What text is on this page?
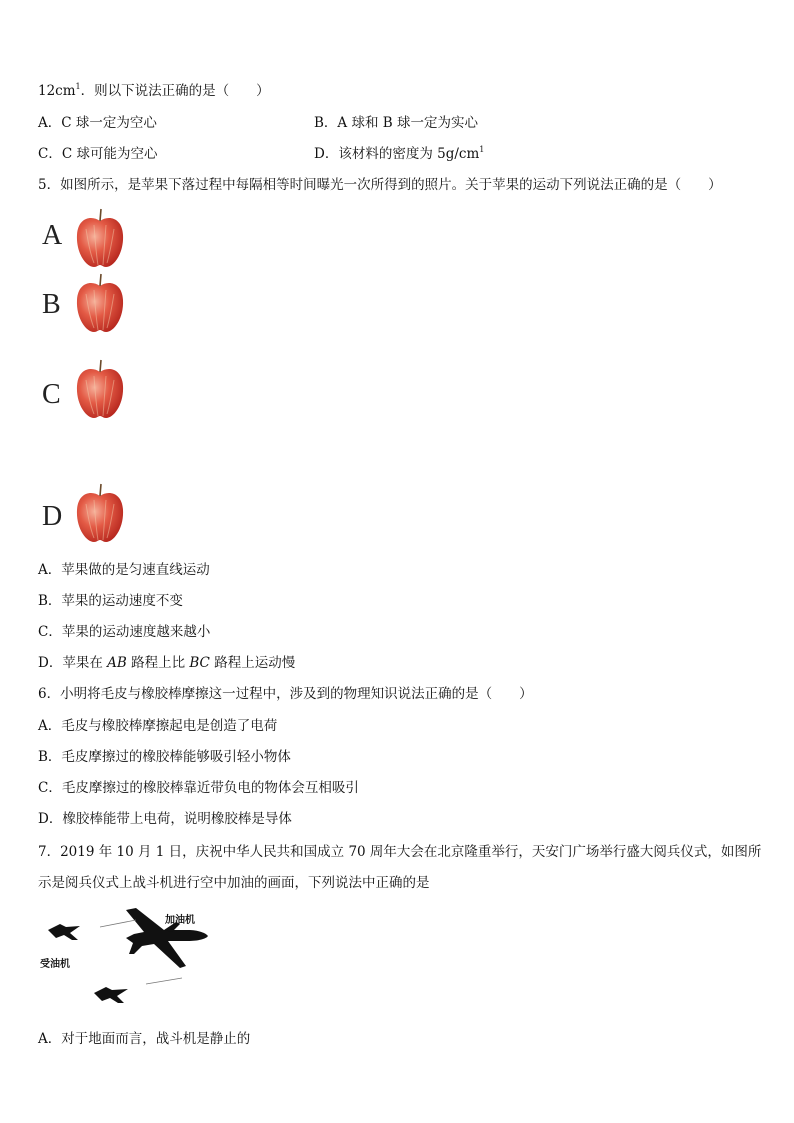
$12cm^1$．则以下说法正确的是（　　）
A．C 球一定为空心	B．A 球和 B 球一定为实心
C．C 球可能为空心	D．该材料的密度为 $5g/cm^1$
5．如图所示，是苹果下落过程中每隔相等时间曝光一次所得到的照片。关于苹果的运动下列说法正确的是（　　）
A
B
C
D
A．苹果做的是匀速直线运动
B．苹果的运动速度不变
C．苹果的运动速度越来越小
D．苹果在 AB 路程上比 BC 路程上运动慢
6．小明将毛皮与橡胶棒摩擦这一过程中，涉及到的物理知识说法正确的是（　　）
A．毛皮与橡胶棒摩擦起电是创造了电荷
B．毛皮摩擦过的橡胶棒能够吸引轻小物体
C．毛皮摩擦过的橡胶棒靠近带负电的物体会互相吸引
D．橡胶棒能带上电荷，说明橡胶棒是导体
7．2019 年 10 月 1 日，庆祝中华人民共和国成立 70 周年大会在北京隆重举行，天安门广场举行盛大阅兵仪式，如图所
示是阅兵仪式上战斗机进行空中加油的画面，下列说法中正确的是
加油机
受油机
A．对于地面而言，战斗机是静止的
